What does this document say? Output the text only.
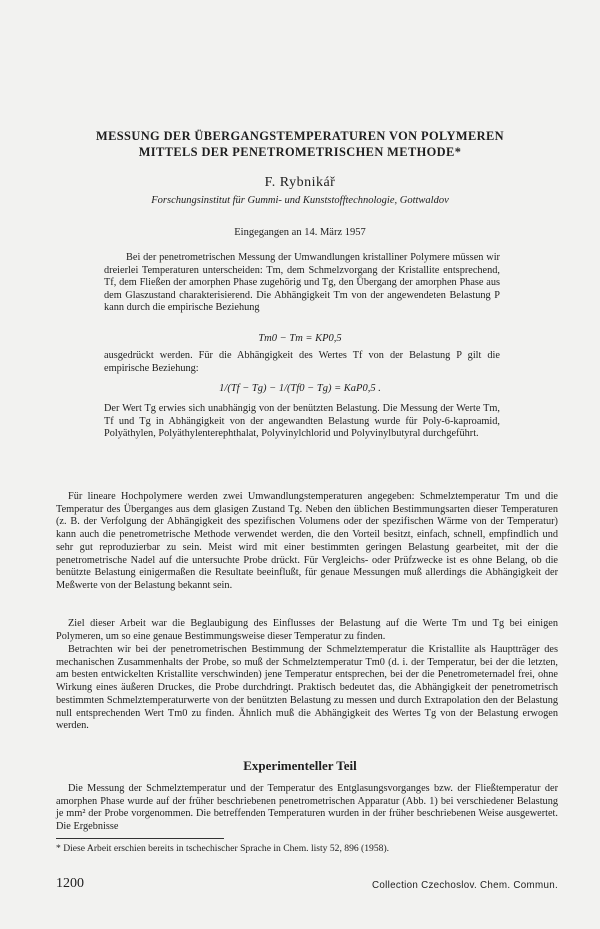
MESSUNG DER ÜBERGANGSTEMPERATUREN VON POLYMEREN
MITTELS DER PENETROMETRISCHEN METHODE*
F. Rybnikář
Forschungsinstitut für Gummi- und Kunststofftechnologie, Gottwaldov
Eingegangen an 14. März 1957
Bei der penetrometrischen Messung der Umwandlungen kristalliner Polymere müssen wir dreierlei Temperaturen unterscheiden: Tm, dem Schmelzvorgang der Kristallite entsprechend, Tf, dem Fließen der amorphen Phase zugehörig und Tg, den Übergang der amorphen Phase aus dem Glaszustand charakterisierend. Die Abhängigkeit Tm von der angewendeten Belastung P kann durch die empirische Beziehung
Tm0 − Tm = KP0,5
ausgedrückt werden. Für die Abhängigkeit des Wertes Tf von der Belastung P gilt die empirische Beziehung:
1/(Tf − Tg) − 1/(Tf0 − Tg) = KaP0,5 .
Der Wert Tg erwies sich unabhängig von der benützten Belastung. Die Messung der Werte Tm, Tf und Tg in Abhängigkeit von der angewandten Belastung wurde für Poly-6-kaproamid, Polyäthylen, Polyäthylenterephthalat, Polyvinylchlorid und Polyvinylbutyral durchgeführt.
Für lineare Hochpolymere werden zwei Umwandlungstemperaturen angegeben: Schmelztemperatur Tm und die Temperatur des Überganges aus dem glasigen Zustand Tg. Neben den üblichen Bestimmungsarten dieser Temperaturen (z. B. der Verfolgung der Abhängigkeit des spezifischen Volumens oder der spezifischen Wärme von der Temperatur) kann auch die penetrometrische Methode verwendet werden, die den Vorteil besitzt, einfach, schnell, empfindlich und sehr gut reproduzierbar zu sein. Meist wird mit einer bestimmten geringen Belastung gearbeitet, mit der die penetrometrische Nadel auf die untersuchte Probe drückt. Für Vergleichs- oder Prüfzwecke ist es ohne Belang, ob die benützte Belastung einigermaßen die Resultate beeinflußt, für genaue Messungen muß allerdings die Abhängigkeit der Meßwerte von der Belastung bekannt sein.
Ziel dieser Arbeit war die Beglaubigung des Einflusses der Belastung auf die Werte Tm und Tg bei einigen Polymeren, um so eine genaue Bestimmungsweise dieser Temperatur zu finden.
Betrachten wir bei der penetrometrischen Bestimmung der Schmelztemperatur die Kristallite als Hauptträger des mechanischen Zusammenhalts der Probe, so muß der Schmelztemperatur Tm0 (d. i. der Temperatur, bei der die letzten, am besten entwickelten Kristallite verschwinden) jene Temperatur entsprechen, bei der die Penetrometernadel frei, ohne Wirkung eines äußeren Druckes, die Probe durchdringt. Praktisch bedeutet das, die Abhängigkeit der penetrometrisch bestimmten Schmelztemperaturwerte von der benützten Belastung zu messen und durch Extrapolation den der Belastung null entsprechenden Wert Tm0 zu finden. Ähnlich muß die Abhängigkeit des Wertes Tg von der Belastung erwogen werden.
Experimenteller Teil
Die Messung der Schmelztemperatur und der Temperatur des Entglasungsvorganges bzw. der Fließtemperatur der amorphen Phase wurde auf der früher beschriebenen penetrometrischen Apparatur (Abb. 1) bei verschiedener Belastung je mm² der Probe vorgenommen. Die betreffenden Temperaturen wurden in der früher beschriebenen Weise ausgewertet. Die Ergebnisse
* Diese Arbeit erschien bereits in tschechischer Sprache in Chem. listy 52, 896 (1958).
1200	Collection Czechoslov. Chem. Commun.
